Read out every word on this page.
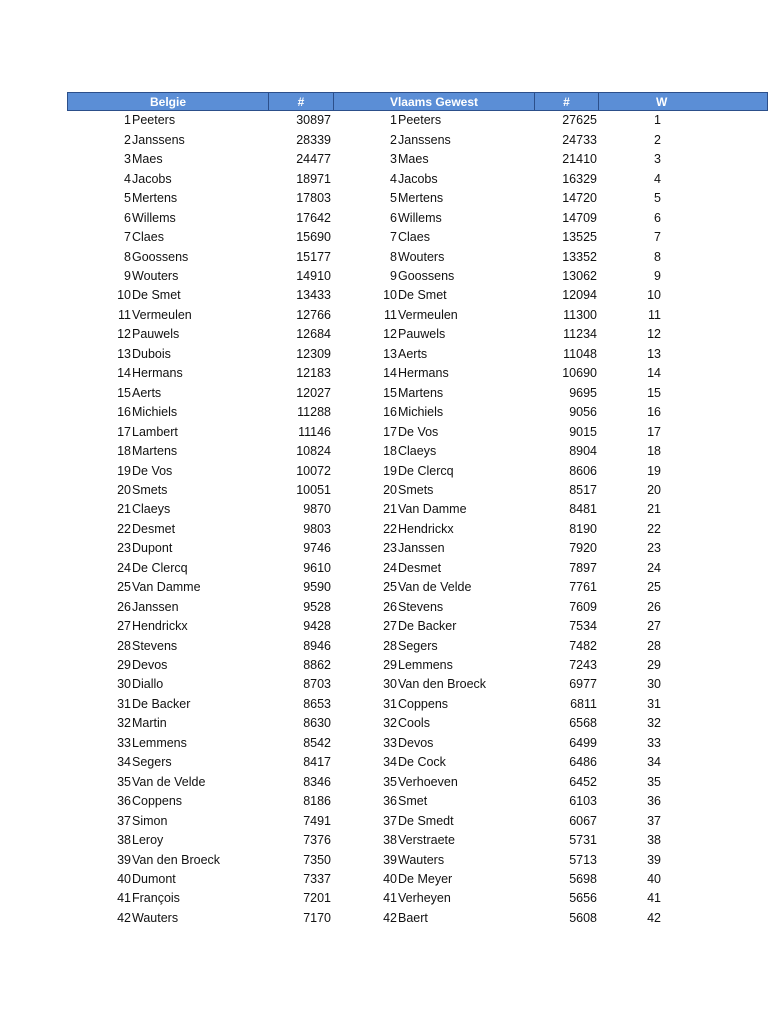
Belgie	#	Vlaams Gewest	#	W
1 Peeters	30897	1 Peeters	27625	1
2 Janssens	28339	2 Janssens	24733	2
3 Maes	24477	3 Maes	21410	3
4 Jacobs	18971	4 Jacobs	16329	4
5 Mertens	17803	5 Mertens	14720	5
6 Willems	17642	6 Willems	14709	6
7 Claes	15690	7 Claes	13525	7
8 Goossens	15177	8 Wouters	13352	8
9 Wouters	14910	9 Goossens	13062	9
10 De Smet	13433	10 De Smet	12094	10
11 Vermeulen	12766	11 Vermeulen	11300	11
12 Pauwels	12684	12 Pauwels	11234	12
13 Dubois	12309	13 Aerts	11048	13
14 Hermans	12183	14 Hermans	10690	14
15 Aerts	12027	15 Martens	9695	15
16 Michiels	11288	16 Michiels	9056	16
17 Lambert	11146	17 De Vos	9015	17
18 Martens	10824	18 Claeys	8904	18
19 De Vos	10072	19 De Clercq	8606	19
20 Smets	10051	20 Smets	8517	20
21 Claeys	9870	21 Van Damme	8481	21
22 Desmet	9803	22 Hendrickx	8190	22
23 Dupont	9746	23 Janssen	7920	23
24 De Clercq	9610	24 Desmet	7897	24
25 Van Damme	9590	25 Van de Velde	7761	25
26 Janssen	9528	26 Stevens	7609	26
27 Hendrickx	9428	27 De Backer	7534	27
28 Stevens	8946	28 Segers	7482	28
29 Devos	8862	29 Lemmens	7243	29
30 Diallo	8703	30 Van den Broeck	6977	30
31 De Backer	8653	31 Coppens	6811	31
32 Martin	8630	32 Cools	6568	32
33 Lemmens	8542	33 Devos	6499	33
34 Segers	8417	34 De Cock	6486	34
35 Van de Velde	8346	35 Verhoeven	6452	35
36 Coppens	8186	36 Smet	6103	36
37 Simon	7491	37 De Smedt	6067	37
38 Leroy	7376	38 Verstraete	5731	38
39 Van den Broeck	7350	39 Wauters	5713	39
40 Dumont	7337	40 De Meyer	5698	40
41 François	7201	41 Verheyen	5656	41
42 Wauters	7170	42 Baert	5608	42
